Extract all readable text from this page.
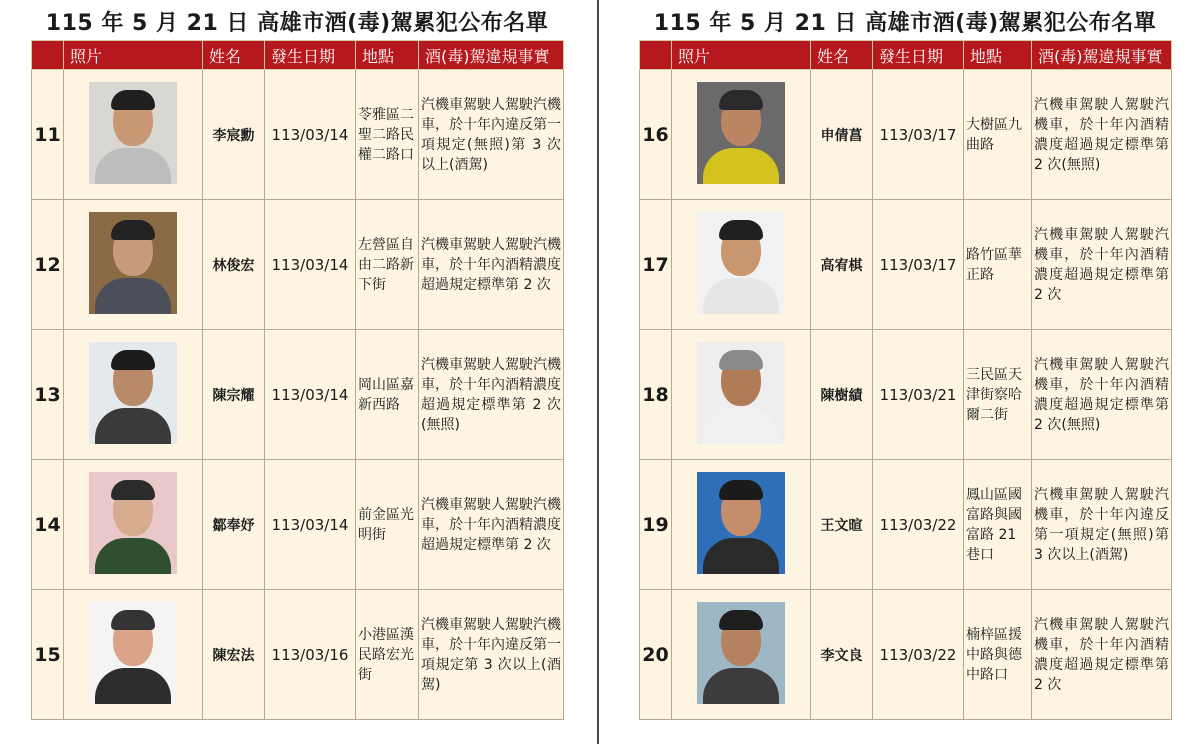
115 年 5 月 21 日 高雄市酒(毒)駕累犯公布名單
	照片	姓名	發生日期	地點	酒(毒)駕違規事實
11		李宸勳	113/03/14	苓雅區二聖二路民權二路口	汽機車駕駛人駕駛汽機車，於十年內違反第一項規定(無照)第 3 次以上(酒駕)
12		林俊宏	113/03/14	左營區自由二路新下街	汽機車駕駛人駕駛汽機車，於十年內酒精濃度超過規定標準第 2 次
13		陳宗耀	113/03/14	岡山區嘉新西路	汽機車駕駛人駕駛汽機車，於十年內酒精濃度超過規定標準第 2 次(無照)
14		鄒奉妤	113/03/14	前金區光明街	汽機車駕駛人駕駛汽機車，於十年內酒精濃度超過規定標準第 2 次
15		陳宏法	113/03/16	小港區漢民路宏光街	汽機車駕駛人駕駛汽機車，於十年內違反第一項規定第 3 次以上(酒駕)
115 年 5 月 21 日 高雄市酒(毒)駕累犯公布名單
	照片	姓名	發生日期	地點	酒(毒)駕違規事實
16		申倩菖	113/03/17	大樹區九曲路	汽機車駕駛人駕駛汽機車，於十年內酒精濃度超過規定標準第 2 次(無照)
17		高宥棋	113/03/17	路竹區華正路	汽機車駕駛人駕駛汽機車，於十年內酒精濃度超過規定標準第 2 次
18		陳樹績	113/03/21	三民區天津街察哈爾二街	汽機車駕駛人駕駛汽機車，於十年內酒精濃度超過規定標準第 2 次(無照)
19		王文暄	113/03/22	鳳山區國富路與國富路 21 巷口	汽機車駕駛人駕駛汽機車，於十年內違反第一項規定(無照)第 3 次以上(酒駕)
20		李文良	113/03/22	楠梓區援中路與德中路口	汽機車駕駛人駕駛汽機車，於十年內酒精濃度超過規定標準第 2 次
